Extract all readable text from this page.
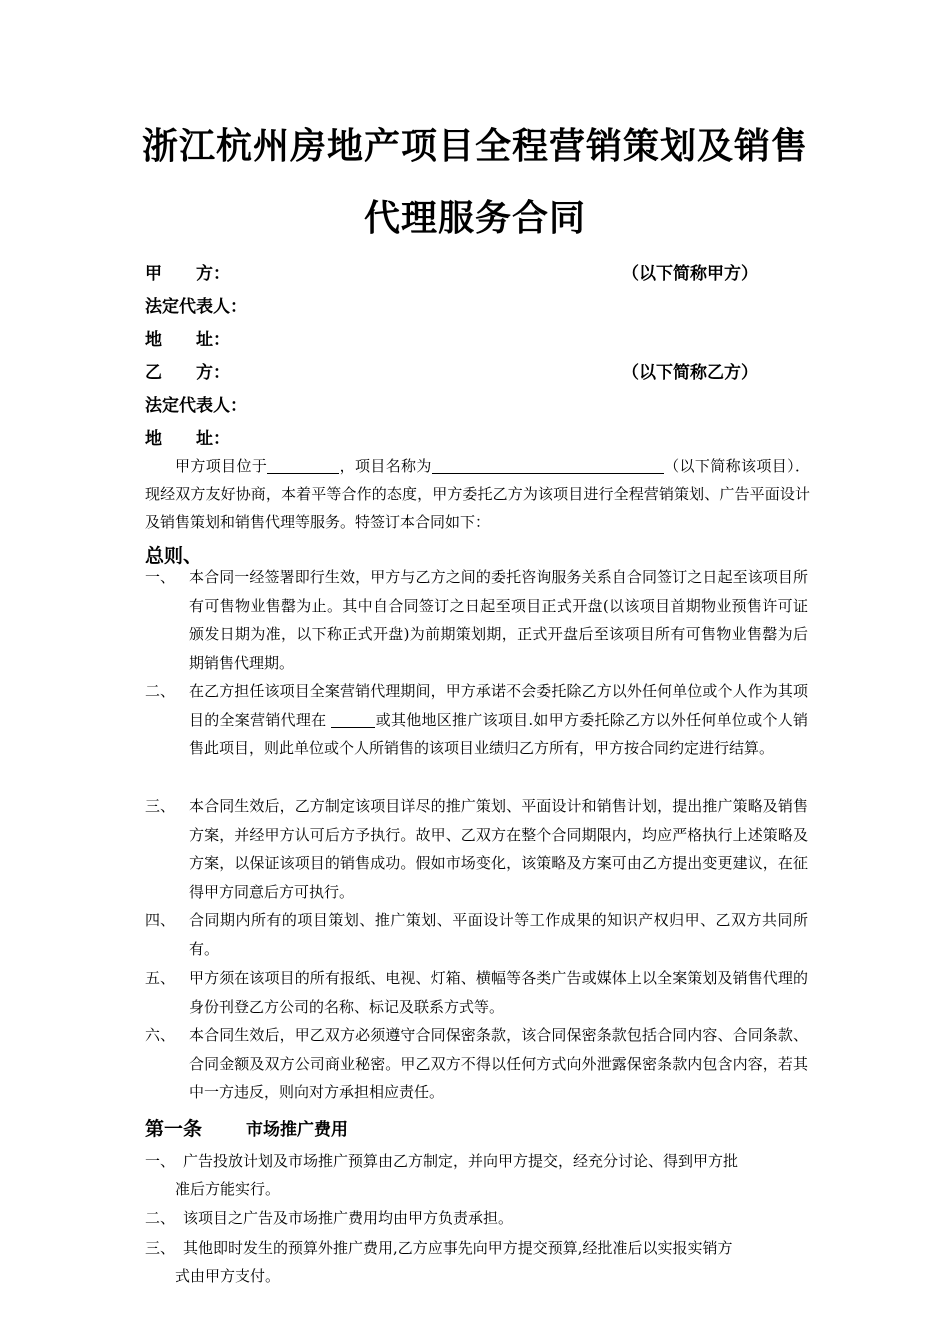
浙江杭州房地产项目全程营销策划及销售
代理服务合同
甲　　方：	（以下简称甲方）
法定代表人：
地　　址：
乙　　方：	（以下简称乙方）
法定代表人：
地　　址：

甲方项目位于	，项目名称为	（以下简称该项目）．现经双方友好协商，本着平等合作的态度，甲方委托乙方为该项目进行全程营销策划、广告平面设计及销售策划和销售代理等服务。特签订本合同如下：

总则、
一、 本合同一经签署即行生效，甲方与乙方之间的委托咨询服务关系自合同签订之日起至该项目所有可售物业售罄为止。其中自合同签订之日起至项目正式开盘(以该项目首期物业预售许可证颁发日期为准，以下称正式开盘)为前期策划期，正式开盘后至该项目所有可售物业售罄为后期销售代理期。
二、 在乙方担任该项目全案营销代理期间，甲方承诺不会委托除乙方以外任何单位或个人作为其项目的全案营销代理在	或其他地区推广该项目.如甲方委托除乙方以外任何单位或个人销售此项目，则此单位或个人所销售的该项目业绩归乙方所有，甲方按合同约定进行结算。
三、 本合同生效后，乙方制定该项目详尽的推广策划、平面设计和销售计划，提出推广策略及销售方案，并经甲方认可后方予执行。故甲、乙双方在整个合同期限内，均应严格执行上述策略及方案，以保证该项目的销售成功。假如市场变化，该策略及方案可由乙方提出变更建议，在征得甲方同意后方可执行。
四、 合同期内所有的项目策划、推广策划、平面设计等工作成果的知识产权归甲、乙双方共同所有。
五、 甲方须在该项目的所有报纸、电视、灯箱、横幅等各类广告或媒体上以全案策划及销售代理的身份刊登乙方公司的名称、标记及联系方式等。
六、 本合同生效后，甲乙双方必须遵守合同保密条款，该合同保密条款包括合同内容、合同条款、合同金额及双方公司商业秘密。甲乙双方不得以任何方式向外泄露保密条款内包含内容，若其中一方违反，则向对方承担相应责任。
第一条	市场推广费用
一、 广告投放计划及市场推广预算由乙方制定，并向甲方提交，经充分讨论、得到甲方批
准后方能实行。
二、 该项目之广告及市场推广费用均由甲方负责承担。
三、 其他即时发生的预算外推广费用,乙方应事先向甲方提交预算,经批准后以实报实销方
式由甲方支付。
